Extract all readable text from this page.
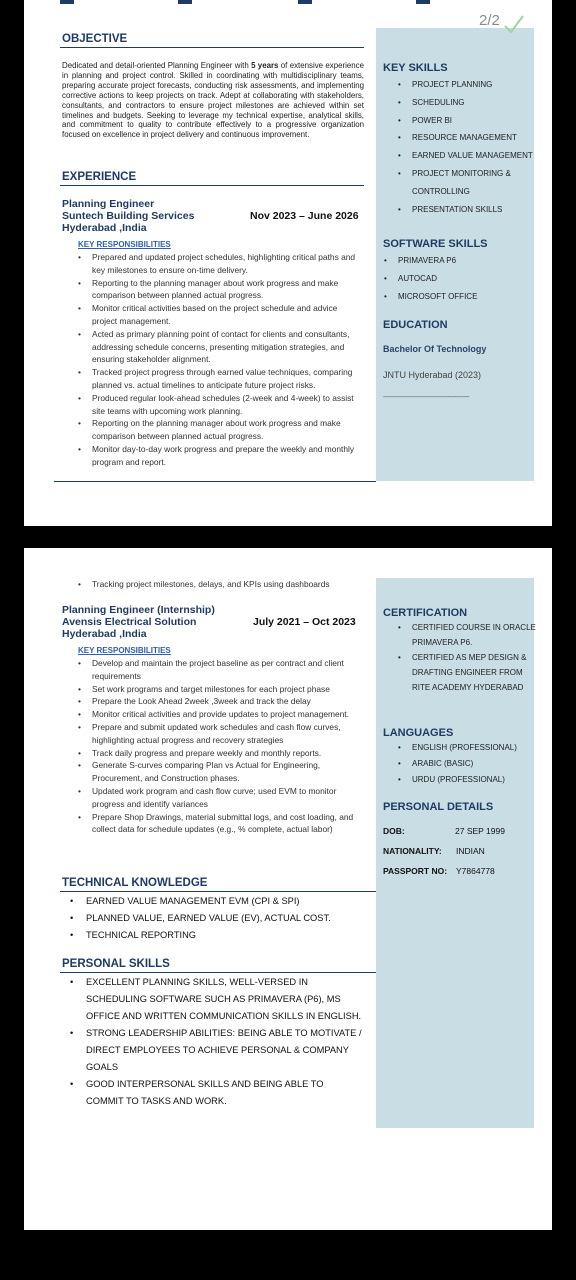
2/2
OBJECTIVE
Dedicated and detail-oriented Planning Engineer with 5 years of extensive experience in planning and project control. Skilled in coordinating with multidisciplinary teams, preparing accurate project forecasts, conducting risk assessments, and implementing corrective actions to keep projects on track. Adept at collaborating with stakeholders, consultants, and contractors to ensure project milestones are achieved within set timelines and budgets. Seeking to leverage my technical expertise, analytical skills, and commitment to quality to contribute effectively to a progressive organization focused on excellence in project delivery and continuous improvement.
EXPERIENCE
Planning Engineer
Suntech Building Services
Hyderabad ,India
Nov 2023 – June 2026
KEY RESPONSIBILITIES
• Prepared and updated project schedules, highlighting critical paths and key milestones to ensure on-time delivery.
• Reporting to the planning manager about work progress and make comparison between planned actual progress.
• Monitor critical activities based on the project schedule and advice project management.
• Acted as primary planning point of contact for clients and consultants, addressing schedule concerns, presenting mitigation strategies, and ensuring stakeholder alignment.
• Tracked project progress through earned value techniques, comparing planned vs. actual timelines to anticipate future project risks.
• Produced regular look-ahead schedules (2-week and 4-week) to assist site teams with upcoming work planning.
• Reporting on the planning manager about work progress and make comparison between planned actual progress.
• Monitor day-to-day work progress and prepare the weekly and monthly program and report.
KEY SKILLS
• PROJECT PLANNING
• SCHEDULING
• POWER BI
• RESOURCE MANAGEMENT
• EARNED VALUE MANAGEMENT
• PROJECT MONITORING & CONTROLLING
• PRESENTATION SKILLS
SOFTWARE SKILLS
• PRIMAVERA P6
• AUTOCAD
• MICROSOFT OFFICE
EDUCATION
Bachelor Of Technology
JNTU Hyderabad (2023)
-----------------------------------------------
• Tracking project milestones, delays, and KPIs using dashboards
Planning Engineer (Internship)
Avensis Electrical Solution
Hyderabad ,India
July 2021 – Oct 2023
KEY RESPONSIBILITIES
• Develop and maintain the project baseline as per contract and client requirements
• Set work programs and target milestones for each project phase
• Prepare the Look Ahead 2week ,3week and track the delay
• Monitor critical activities and provide updates to project management.
• Prepare and submit updated work schedules and cash flow curves, highlighting actual progress and recovery strategies
• Track daily progress and prepare weekly and monthly reports.
• Generate S-curves comparing Plan vs Actual for Engineering, Procurement, and Construction phases.
• Updated work program and cash flow curve; used EVM to monitor progress and identify variances
• Prepare Shop Drawings, material submittal logs, and cost loading, and collect data for schedule updates (e.g., % complete, actual labor)
TECHNICAL KNOWLEDGE
• EARNED VALUE MANAGEMENT EVM (CPI & SPI)
• PLANNED VALUE, EARNED VALUE (EV), ACTUAL COST.
• TECHNICAL REPORTING
PERSONAL SKILLS
• EXCELLENT PLANNING SKILLS, WELL-VERSED IN SCHEDULING SOFTWARE SUCH AS PRIMAVERA (P6), MS OFFICE AND WRITTEN COMMUNICATION SKILLS IN ENGLISH.
• STRONG LEADERSHIP ABILITIES: BEING ABLE TO MOTIVATE / DIRECT EMPLOYEES TO ACHIEVE PERSONAL & COMPANY GOALS
• GOOD INTERPERSONAL SKILLS AND BEING ABLE TO COMMIT TO TASKS AND WORK.
CERTIFICATION
• CERTIFIED COURSE IN ORACLE PRIMAVERA P6.
• CERTIFIED AS MEP DESIGN & DRAFTING ENGINEER FROM RITE ACADEMY HYDERABAD
LANGUAGES
• ENGLISH (PROFESSIONAL)
• ARABIC (BASIC)
• URDU (PROFESSIONAL)
PERSONAL DETAILS
DOB:	27 SEP 1999
NATIONALITY: INDIAN
PASSPORT NO: Y7864778
